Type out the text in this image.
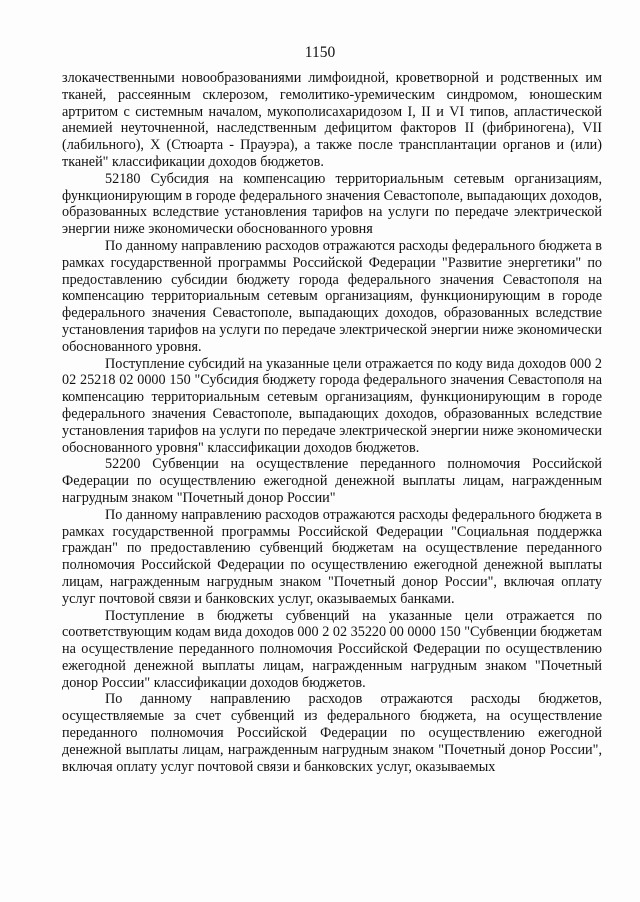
1150

злокачественными новообразованиями лимфоидной, кроветворной и родственных им тканей, рассеянным склерозом, гемолитико-уремическим синдромом, юношеским артритом с системным началом, мукополисахаридозом I, II и VI типов, апластической анемией неуточненной, наследственным дефицитом факторов II (фибриногена), VII (лабильного), X (Стюарта - Прауэра), а также после трансплантации органов и (или) тканей" классификации доходов бюджетов.

52180 Субсидия на компенсацию территориальным сетевым организациям, функционирующим в городе федерального значения Севастополе, выпадающих доходов, образованных вследствие установления тарифов на услуги по передаче электрической энергии ниже экономически обоснованного уровня

По данному направлению расходов отражаются расходы федерального бюджета в рамках государственной программы Российской Федерации "Развитие энергетики" по предоставлению субсидии бюджету города федерального значения Севастополя на компенсацию территориальным сетевым организациям, функционирующим в городе федерального значения Севастополе, выпадающих доходов, образованных вследствие установления тарифов на услуги по передаче электрической энергии ниже экономически обоснованного уровня.

Поступление субсидий на указанные цели отражается по коду вида доходов 000 2 02 25218 02 0000 150 "Субсидия бюджету города федерального значения Севастополя на компенсацию территориальным сетевым организациям, функционирующим в городе федерального значения Севастополе, выпадающих доходов, образованных вследствие установления тарифов на услуги по передаче электрической энергии ниже экономически обоснованного уровня" классификации доходов бюджетов.

52200 Субвенции на осуществление переданного полномочия Российской Федерации по осуществлению ежегодной денежной выплаты лицам, награжденным нагрудным знаком "Почетный донор России"

По данному направлению расходов отражаются расходы федерального бюджета в рамках государственной программы Российской Федерации "Социальная поддержка граждан" по предоставлению субвенций бюджетам на осуществление переданного полномочия Российской Федерации по осуществлению ежегодной денежной выплаты лицам, награжденным нагрудным знаком "Почетный донор России", включая оплату услуг почтовой связи и банковских услуг, оказываемых банками.

Поступление в бюджеты субвенций на указанные цели отражается по соответствующим кодам вида доходов 000 2 02 35220 00 0000 150 "Субвенции бюджетам на осуществление переданного полномочия Российской Федерации по осуществлению ежегодной денежной выплаты лицам, награжденным нагрудным знаком "Почетный донор России" классификации доходов бюджетов.

По данному направлению расходов отражаются расходы бюджетов, осуществляемые за счет субвенций из федерального бюджета, на осуществление переданного полномочия Российской Федерации по осуществлению ежегодной денежной выплаты лицам, награжденным нагрудным знаком "Почетный донор России", включая оплату услуг почтовой связи и банковских услуг, оказываемых
